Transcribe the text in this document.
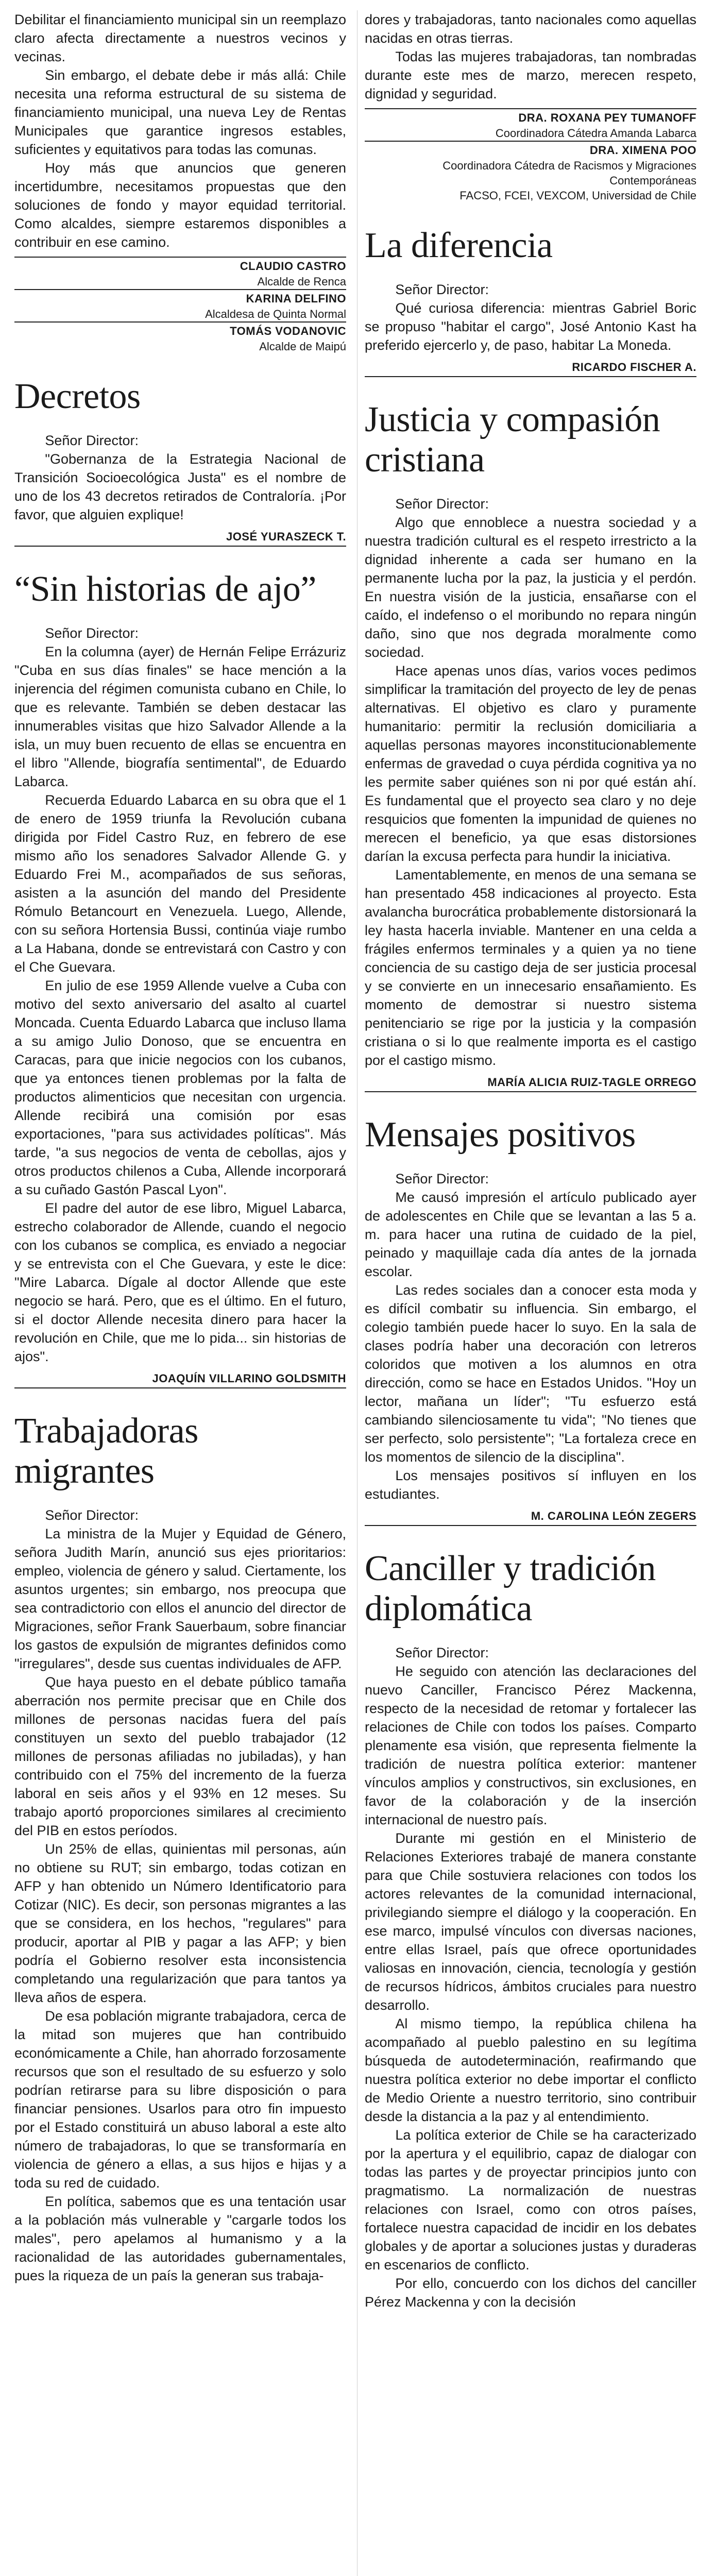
Debilitar el financiamiento municipal sin un reemplazo claro afecta directamente a nuestros vecinos y vecinas.

Sin embargo, el debate debe ir más allá: Chile necesita una reforma estructural de su sistema de financiamiento municipal, una nueva Ley de Rentas Municipales que garantice ingresos estables, suficientes y equitativos para todas las comunas.

Hoy más que anuncios que generen incertidumbre, necesitamos propuestas que den soluciones de fondo y mayor equidad territorial. Como alcaldes, siempre estaremos disponibles a contribuir en ese camino.

CLAUDIO CASTRO

Alcalde de Renca

KARINA DELFINO

Alcaldesa de Quinta Normal

TOMÁS VODANOVIC

Alcalde de Maipú

Decretos

Señor Director:

"Gobernanza de la Estrategia Nacional de Transición Socioecológica Justa" es el nombre de uno de los 43 decretos retirados de Contraloría. ¡Por favor, que alguien explique!

JOSÉ YURASZECK T.

“Sin historias de ajo”

Señor Director:

En la columna (ayer) de Hernán Felipe Errázuriz "Cuba en sus días finales" se hace mención a la injerencia del régimen comunista cubano en Chile, lo que es relevante. También se deben destacar las innumerables visitas que hizo Salvador Allende a la isla, un muy buen recuento de ellas se encuentra en el libro "Allende, biografía sentimental", de Eduardo Labarca.

Recuerda Eduardo Labarca en su obra que el 1 de enero de 1959 triunfa la Revolución cubana dirigida por Fidel Castro Ruz, en febrero de ese mismo año los senadores Salvador Allende G. y Eduardo Frei M., acompañados de sus señoras, asisten a la asunción del mando del Presidente Rómulo Betancourt en Venezuela. Luego, Allende, con su señora Hortensia Bussi, continúa viaje rumbo a La Habana, donde se entrevistará con Castro y con el Che Guevara.

En julio de ese 1959 Allende vuelve a Cuba con motivo del sexto aniversario del asalto al cuartel Moncada. Cuenta Eduardo Labarca que incluso llama a su amigo Julio Donoso, que se encuentra en Caracas, para que inicie negocios con los cubanos, que ya entonces tienen problemas por la falta de productos alimenticios que necesitan con urgencia. Allende recibirá una comisión por esas exportaciones, "para sus actividades políticas". Más tarde, "a sus negocios de venta de cebollas, ajos y otros productos chilenos a Cuba, Allende incorporará a su cuñado Gastón Pascal Lyon".

El padre del autor de ese libro, Miguel Labarca, estrecho colaborador de Allende, cuando el negocio con los cubanos se complica, es enviado a negociar y se entrevista con el Che Guevara, y este le dice: "Mire Labarca. Dígale al doctor Allende que este negocio se hará. Pero, que es el último. En el futuro, si el doctor Allende necesita dinero para hacer la revolución en Chile, que me lo pida... sin historias de ajos".

JOAQUÍN VILLARINO GOLDSMITH

Trabajadoras migrantes

Señor Director:

La ministra de la Mujer y Equidad de Género, señora Judith Marín, anunció sus ejes prioritarios: empleo, violencia de género y salud. Ciertamente, los asuntos urgentes; sin embargo, nos preocupa que sea contradictorio con ellos el anuncio del director de Migraciones, señor Frank Sauerbaum, sobre financiar los gastos de expulsión de migrantes definidos como "irregulares", desde sus cuentas individuales de AFP.

Que haya puesto en el debate público tamaña aberración nos permite precisar que en Chile dos millones de personas nacidas fuera del país constituyen un sexto del pueblo trabajador (12 millones de personas afiliadas no jubiladas), y han contribuido con el 75% del incremento de la fuerza laboral en seis años y el 93% en 12 meses. Su trabajo aportó proporciones similares al crecimiento del PIB en estos períodos.

Un 25% de ellas, quinientas mil personas, aún no obtiene su RUT; sin embargo, todas cotizan en AFP y han obtenido un Número Identificatorio para Cotizar (NIC). Es decir, son personas migrantes a las que se considera, en los hechos, "regulares" para producir, aportar al PIB y pagar a las AFP; y bien podría el Gobierno resolver esta inconsistencia completando una regularización que para tantos ya lleva años de espera.

De esa población migrante trabajadora, cerca de la mitad son mujeres que han contribuido económicamente a Chile, han ahorrado forzosamente recursos que son el resultado de su esfuerzo y solo podrían retirarse para su libre disposición o para financiar pensiones. Usarlos para otro fin impuesto por el Estado constituirá un abuso laboral a este alto número de trabajadoras, lo que se transformaría en violencia de género a ellas, a sus hijos e hijas y a toda su red de cuidado.

En política, sabemos que es una tentación usar a la población más vulnerable y "cargarle todos los males", pero apelamos al humanismo y a la racionalidad de las autoridades gubernamentales, pues la riqueza de un país la generan sus trabaja-

dores y trabajadoras, tanto nacionales como aquellas nacidas en otras tierras.

Todas las mujeres trabajadoras, tan nombradas durante este mes de marzo, merecen respeto, dignidad y seguridad.

DRA. ROXANA PEY TUMANOFF

Coordinadora Cátedra Amanda Labarca

DRA. XIMENA POO

Coordinadora Cátedra de Racismos y Migraciones Contemporáneas

FACSO, FCEI, VEXCOM, Universidad de Chile

La diferencia

Señor Director:

Qué curiosa diferencia: mientras Gabriel Boric se propuso "habitar el cargo", José Antonio Kast ha preferido ejercerlo y, de paso, habitar La Moneda.

RICARDO FISCHER A.

Justicia y compasión cristiana

Señor Director:

Algo que ennoblece a nuestra sociedad y a nuestra tradición cultural es el respeto irrestricto a la dignidad inherente a cada ser humano en la permanente lucha por la paz, la justicia y el perdón. En nuestra visión de la justicia, ensañarse con el caído, el indefenso o el moribundo no repara ningún daño, sino que nos degrada moralmente como sociedad.

Hace apenas unos días, varios voces pedimos simplificar la tramitación del proyecto de ley de penas alternativas. El objetivo es claro y puramente humanitario: permitir la reclusión domiciliaria a aquellas personas mayores inconstitucionablemente enfermas de gravedad o cuya pérdida cognitiva ya no les permite saber quiénes son ni por qué están ahí. Es fundamental que el proyecto sea claro y no deje resquicios que fomenten la impunidad de quienes no merecen el beneficio, ya que esas distorsiones darían la excusa perfecta para hundir la iniciativa.

Lamentablemente, en menos de una semana se han presentado 458 indicaciones al proyecto. Esta avalancha burocrática probablemente distorsionará la ley hasta hacerla inviable. Mantener en una celda a frágiles enfermos terminales y a quien ya no tiene conciencia de su castigo deja de ser justicia procesal y se convierte en un innecesario ensañamiento. Es momento de demostrar si nuestro sistema penitenciario se rige por la justicia y la compasión cristiana o si lo que realmente importa es el castigo por el castigo mismo.

MARÍA ALICIA RUIZ-TAGLE ORREGO

Mensajes positivos

Señor Director:

Me causó impresión el artículo publicado ayer de adolescentes en Chile que se levantan a las 5 a. m. para hacer una rutina de cuidado de la piel, peinado y maquillaje cada día antes de la jornada escolar.

Las redes sociales dan a conocer esta moda y es difícil combatir su influencia. Sin embargo, el colegio también puede hacer lo suyo. En la sala de clases podría haber una decoración con letreros coloridos que motiven a los alumnos en otra dirección, como se hace en Estados Unidos. "Hoy un lector, mañana un líder"; "Tu esfuerzo está cambiando silenciosamente tu vida"; "No tienes que ser perfecto, solo persistente"; "La fortaleza crece en los momentos de silencio de la disciplina".

Los mensajes positivos sí influyen en los estudiantes.

M. CAROLINA LEÓN ZEGERS

Canciller y tradición diplomática

Señor Director:

He seguido con atención las declaraciones del nuevo Canciller, Francisco Pérez Mackenna, respecto de la necesidad de retomar y fortalecer las relaciones de Chile con todos los países. Comparto plenamente esa visión, que representa fielmente la tradición de nuestra política exterior: mantener vínculos amplios y constructivos, sin exclusiones, en favor de la colaboración y de la inserción internacional de nuestro país.

Durante mi gestión en el Ministerio de Relaciones Exteriores trabajé de manera constante para que Chile sostuviera relaciones con todos los actores relevantes de la comunidad internacional, privilegiando siempre el diálogo y la cooperación. En ese marco, impulsé vínculos con diversas naciones, entre ellas Israel, país que ofrece oportunidades valiosas en innovación, ciencia, tecnología y gestión de recursos hídricos, ámbitos cruciales para nuestro desarrollo.

Al mismo tiempo, la república chilena ha acompañado al pueblo palestino en su legítima búsqueda de autodeterminación, reafirmando que nuestra política exterior no debe importar el conflicto de Medio Oriente a nuestro territorio, sino contribuir desde la distancia a la paz y al entendimiento.

La política exterior de Chile se ha caracterizado por la apertura y el equilibrio, capaz de dialogar con todas las partes y de proyectar principios junto con pragmatismo. La normalización de nuestras relaciones con Israel, como con otros países, fortalece nuestra capacidad de incidir en los debates globales y de aportar a soluciones justas y duraderas en escenarios de conflicto.

Por ello, concuerdo con los dichos del canciller Pérez Mackenna y con la decisión
